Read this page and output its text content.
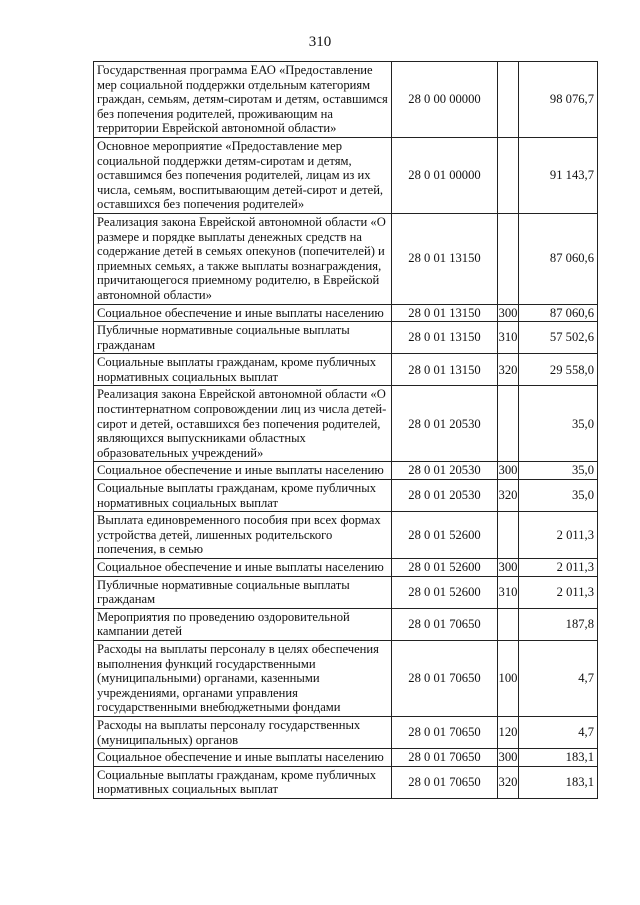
310
Государственная программа ЕАО «Предоставление мер социальной поддержки отдельным категориям граждан, семьям, детям-сиротам и детям, оставшимся без попечения родителей, проживающим на территории Еврейской автономной области»	28 0 00 00000		98 076,7
Основное мероприятие «Предоставление мер социальной поддержки детям-сиротам и детям, оставшимся без попечения родителей, лицам из их числа, семьям, воспитывающим детей-сирот и детей, оставшихся без попечения родителей»	28 0 01 00000		91 143,7
Реализация закона Еврейской автономной области «О размере и порядке выплаты денежных средств на содержание детей в семьях опекунов (попечителей) и приемных семьях, а также выплаты вознаграждения, причитающегося приемному родителю, в Еврейской автономной области»	28 0 01 13150		87 060,6
Социальное обеспечение и иные выплаты населению	28 0 01 13150	300	87 060,6
Публичные нормативные социальные выплаты гражданам	28 0 01 13150	310	57 502,6
Социальные выплаты гражданам, кроме публичных нормативных социальных выплат	28 0 01 13150	320	29 558,0
Реализация закона Еврейской автономной области «О постинтернатном сопровождении лиц из числа детей-сирот и детей, оставшихся без попечения родителей, являющихся выпускниками областных образовательных учреждений»	28 0 01 20530		35,0
Социальное обеспечение и иные выплаты населению	28 0 01 20530	300	35,0
Социальные выплаты гражданам, кроме публичных нормативных социальных выплат	28 0 01 20530	320	35,0
Выплата единовременного пособия при всех формах устройства детей, лишенных родительского попечения, в семью	28 0 01 52600		2 011,3
Социальное обеспечение и иные выплаты населению	28 0 01 52600	300	2 011,3
Публичные нормативные социальные выплаты гражданам	28 0 01 52600	310	2 011,3
Мероприятия по проведению оздоровительной кампании детей	28 0 01 70650		187,8
Расходы на выплаты персоналу в целях обеспечения выполнения функций государственными (муниципальными) органами, казенными учреждениями, органами управления государственными внебюджетными фондами	28 0 01 70650	100	4,7
Расходы на выплаты персоналу государственных (муниципальных) органов	28 0 01 70650	120	4,7
Социальное обеспечение и иные выплаты населению	28 0 01 70650	300	183,1
Социальные выплаты гражданам, кроме публичных нормативных социальных выплат	28 0 01 70650	320	183,1
